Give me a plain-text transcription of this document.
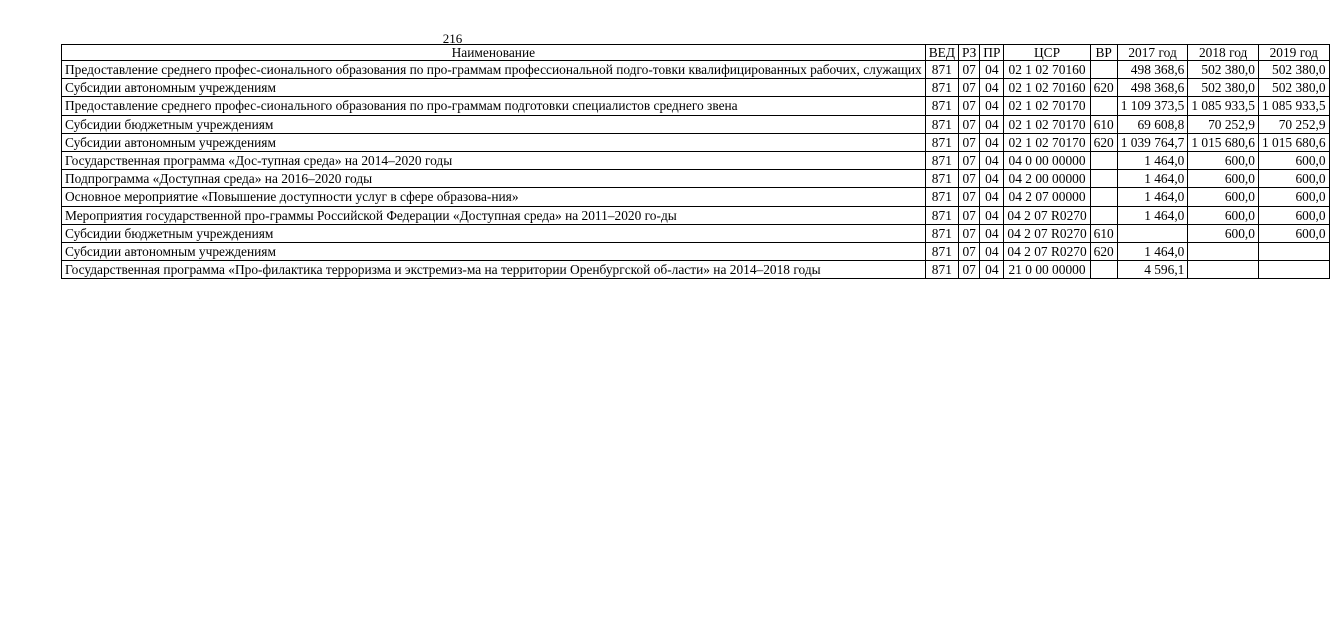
216
Наименование	ВЕД	РЗ	ПР	ЦСР	ВР	2017 год	2018 год	2019 год
Предоставление среднего профес-сионального образования по про-граммам профессиональной подго-товки квалифицированных рабочих, служащих	871	07	04	02 1 02 70160		498 368,6	502 380,0	502 380,0
Субсидии автономным учреждениям	871	07	04	02 1 02 70160	620	498 368,6	502 380,0	502 380,0
Предоставление среднего профес-сионального образования по про-граммам подготовки специалистов среднего звена	871	07	04	02 1 02 70170		1 109 373,5	1 085 933,5	1 085 933,5
Субсидии бюджетным учреждениям	871	07	04	02 1 02 70170	610	69 608,8	70 252,9	70 252,9
Субсидии автономным учреждениям	871	07	04	02 1 02 70170	620	1 039 764,7	1 015 680,6	1 015 680,6
Государственная программа «Дос-тупная среда» на 2014–2020 годы	871	07	04	04 0 00 00000		1 464,0	600,0	600,0
Подпрограмма «Доступная среда» на 2016–2020 годы	871	07	04	04 2 00 00000		1 464,0	600,0	600,0
Основное мероприятие «Повышение доступности услуг в сфере образова-ния»	871	07	04	04 2 07 00000		1 464,0	600,0	600,0
Мероприятия государственной про-граммы Российской Федерации «Доступная среда» на 2011–2020 го-ды	871	07	04	04 2 07 R0270		1 464,0	600,0	600,0
Субсидии бюджетным учреждениям	871	07	04	04 2 07 R0270	610		600,0	600,0
Субсидии автономным учреждениям	871	07	04	04 2 07 R0270	620	1 464,0		
Государственная программа «Про-филактика терроризма и экстремиз-ма на территории Оренбургской об-ласти» на 2014–2018 годы	871	07	04	21 0 00 00000		4 596,1		
